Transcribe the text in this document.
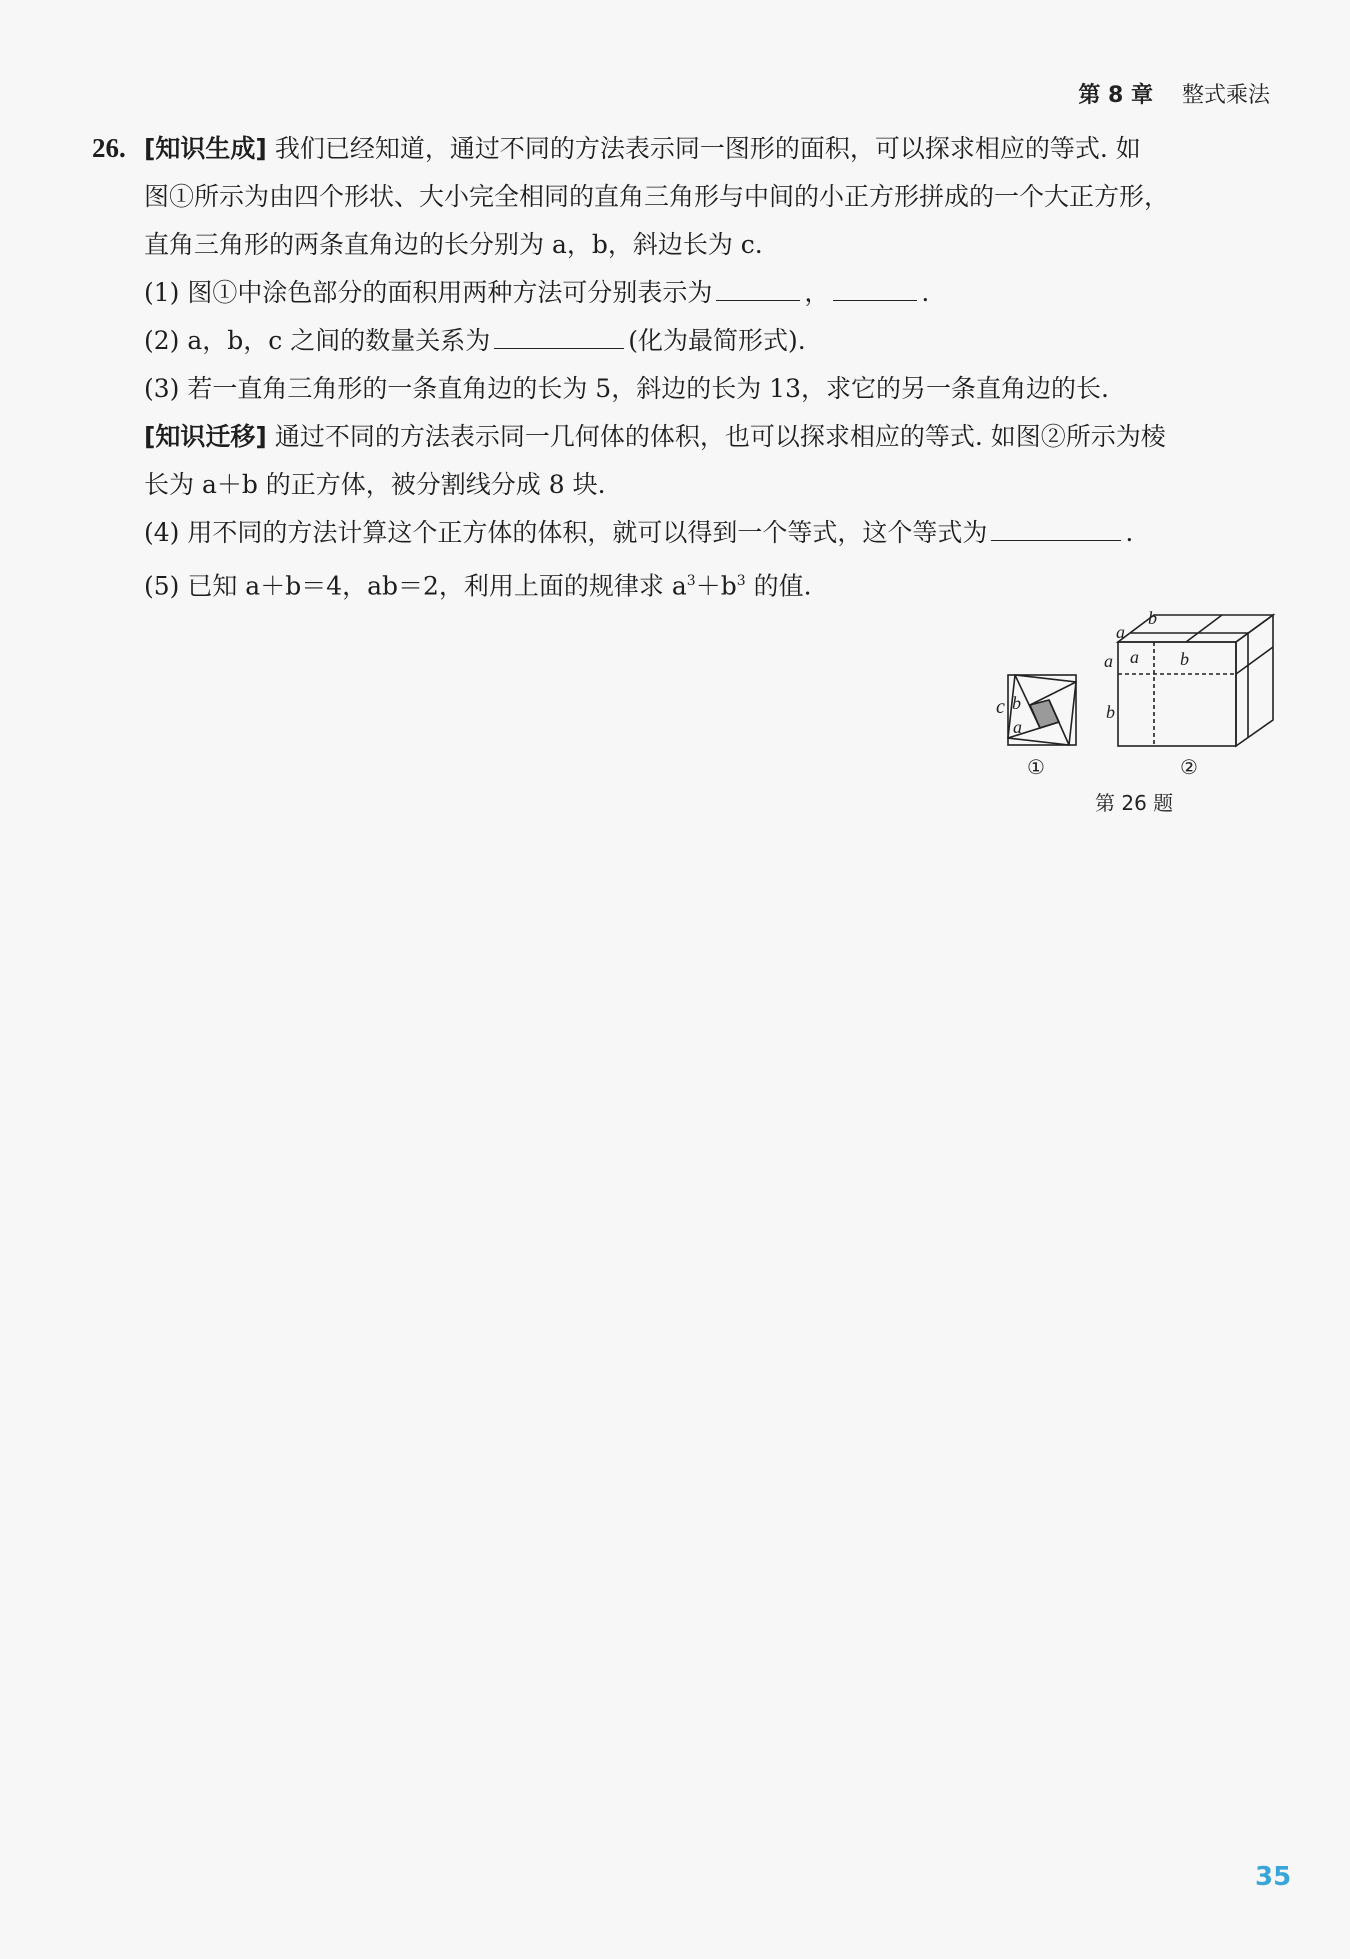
第 8 章 整式乘法
26. [知识生成] 我们已经知道，通过不同的方法表示同一图形的面积，可以探求相应的等式. 如
图①所示为由四个形状、大小完全相同的直角三角形与中间的小正方形拼成的一个大正方形，
直角三角形的两条直角边的长分别为 a，b，斜边长为 c.
(1) 图①中涂色部分的面积用两种方法可分别表示为	，	.
(2) a，b，c 之间的数量关系为	(化为最简形式).
(3) 若一直角三角形的一条直角边的长为 5，斜边的长为 13，求它的另一条直角边的长.
[知识迁移] 通过不同的方法表示同一几何体的体积，也可以探求相应的等式. 如图②所示为棱
长为 a＋b 的正方体，被分割线分成 8 块.
(4) 用不同的方法计算这个正方体的体积，就可以得到一个等式，这个等式为	.
(5) 已知 a＋b＝4，ab＝2，利用上面的规律求 $a^3+b^3$ 的值.
c b
a
b
a
a
b
a b
①	②
第 26 题
35
